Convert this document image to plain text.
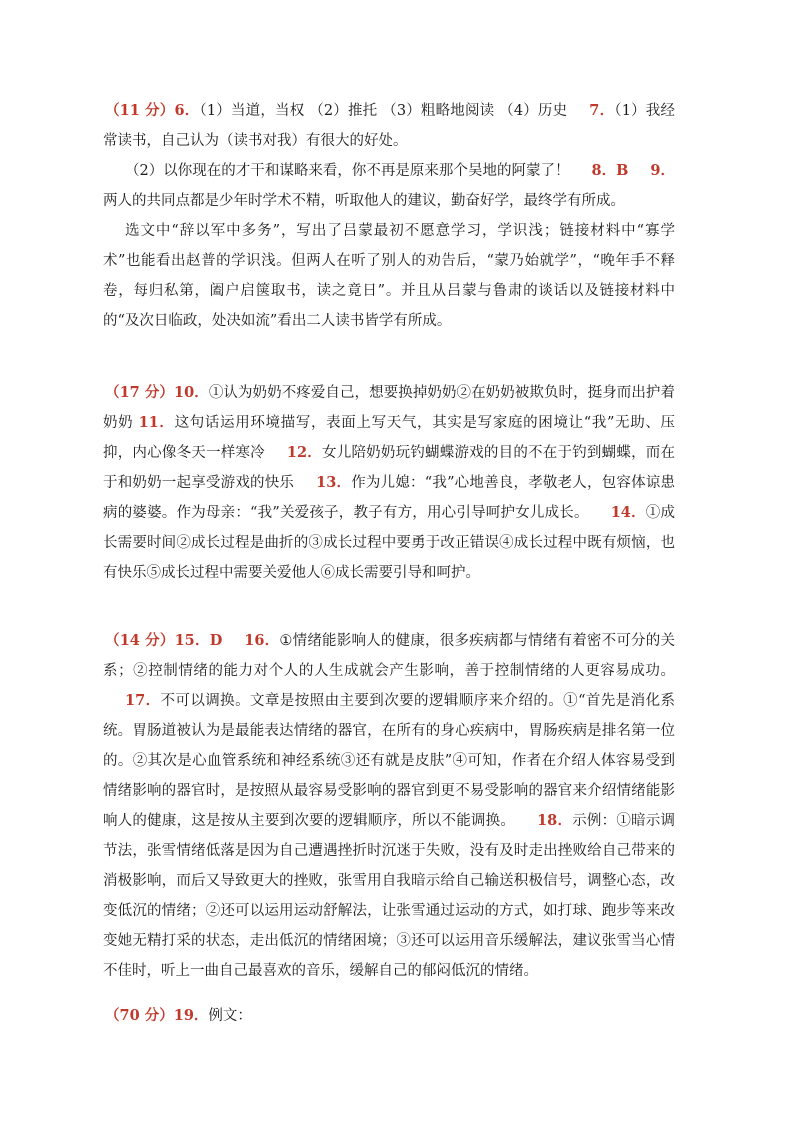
（11 分）6．（1）当道，当权 （2）推托 （3）粗略地阅读 （4）历史 7．（1）我经常读书，自己认为（读书对我）有很大的好处。

（2）以你现在的才干和谋略来看，你不再是原来那个吴地的阿蒙了！ 8．B 9．两人的共同点都是少年时学术不精，听取他人的建议，勤奋好学，最终学有所成。

选文中“辞以军中多务”，写出了吕蒙最初不愿意学习，学识浅；链接材料中“寡学术”也能看出赵普的学识浅。但两人在听了别人的劝告后，“蒙乃始就学”，“晚年手不释卷，每归私第，阖户启箧取书，读之竟日”。并且从吕蒙与鲁肃的谈话以及链接材料中的“及次日临政，处决如流”看出二人读书皆学有所成。

（17 分）10．①认为奶奶不疼爱自己，想要换掉奶奶②在奶奶被欺负时，挺身而出护着奶奶 11．这句话运用环境描写，表面上写天气，其实是写家庭的困境让“我”无助、压抑，内心像冬天一样寒冷 12．女儿陪奶奶玩钓蝴蝶游戏的目的不在于钓到蝴蝶，而在于和奶奶一起享受游戏的快乐 13．作为儿媳：“我”心地善良，孝敬老人，包容体谅患病的婆婆。作为母亲：“我”关爱孩子，教子有方，用心引导呵护女儿成长。 14．①成长需要时间②成长过程是曲折的③成长过程中要勇于改正错误④成长过程中既有烦恼，也有快乐⑤成长过程中需要关爱他人⑥成长需要引导和呵护。

（14 分）15．D 16．①情绪能影响人的健康，很多疾病都与情绪有着密不可分的关系；②控制情绪的能力对个人的人生成就会产生影响，善于控制情绪的人更容易成功。17．不可以调换。文章是按照由主要到次要的逻辑顺序来介绍的。①“首先是消化系统。胃肠道被认为是最能表达情绪的器官，在所有的身心疾病中，胃肠疾病是排名第一位的。②其次是心血管系统和神经系统③还有就是皮肤”④可知，作者在介绍人体容易受到情绪影响的器官时，是按照从最容易受影响的器官到更不易受影响的器官来介绍情绪能影响人的健康，这是按从主要到次要的逻辑顺序，所以不能调换。 18．示例：①暗示调节法，张雪情绪低落是因为自己遭遇挫折时沉迷于失败，没有及时走出挫败给自己带来的消极影响，而后又导致更大的挫败，张雪用自我暗示给自己输送积极信号，调整心态，改变低沉的情绪；②还可以运用运动舒解法，让张雪通过运动的方式，如打球、跑步等来改变她无精打采的状态，走出低沉的情绪困境；③还可以运用音乐缓解法，建议张雪当心情不佳时，听上一曲自己最喜欢的音乐，缓解自己的郁闷低沉的情绪。

（70 分）19．例文：
